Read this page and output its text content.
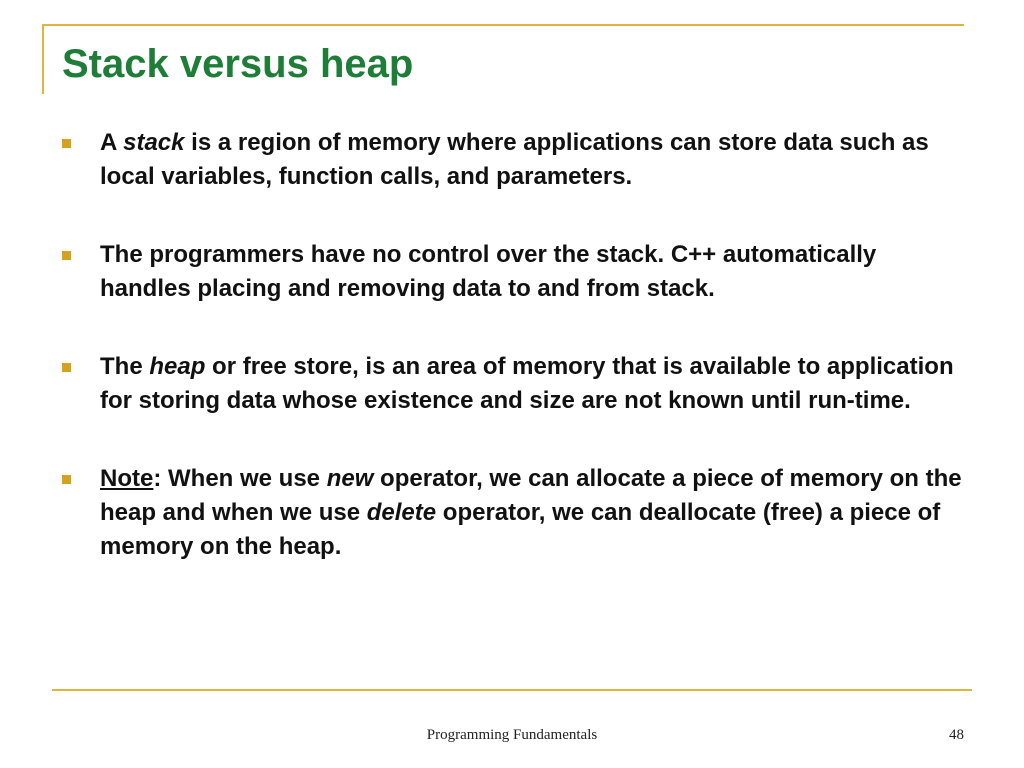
Stack versus heap
A stack is a region of memory where applications can store data such as local variables, function calls, and parameters.
The programmers have no control over the stack. C++ automatically handles placing and removing data to and from stack.
The heap or free store, is an area of memory that is available to application for storing data whose existence and size are not known until run-time.
Note: When we use new operator, we can allocate a piece of memory on the heap and when we use delete operator, we can deallocate (free) a piece of memory on the heap.
Programming Fundamentals	48
